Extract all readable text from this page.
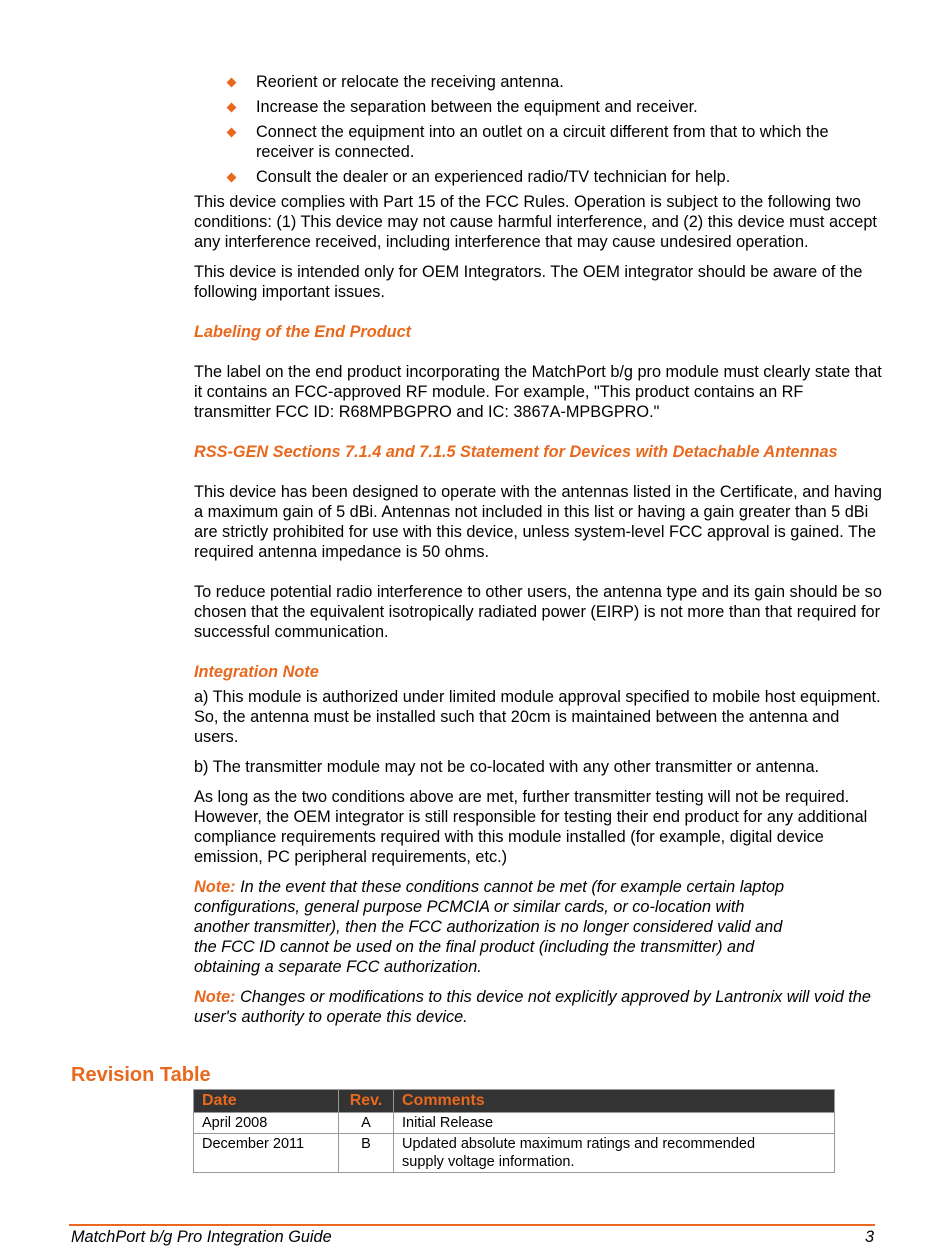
Reorient or relocate the receiving antenna.
Increase the separation between the equipment and receiver.
Connect the equipment into an outlet on a circuit different from that to which the receiver is connected.
Consult the dealer or an experienced radio/TV technician for help.

This device complies with Part 15 of the FCC Rules. Operation is subject to the following two conditions: (1) This device may not cause harmful interference, and (2) this device must accept any interference received, including interference that may cause undesired operation.

This device is intended only for OEM Integrators. The OEM integrator should be aware of the following important issues.

Labeling of the End Product

The label on the end product incorporating the MatchPort b/g pro module must clearly state that it contains an FCC-approved RF module. For example, "This product contains an RF transmitter FCC ID: R68MPBGPRO and IC: 3867A-MPBGPRO."

RSS-GEN Sections 7.1.4 and 7.1.5 Statement for Devices with Detachable Antennas

This device has been designed to operate with the antennas listed in the Certificate, and having a maximum gain of 5 dBi. Antennas not included in this list or having a gain greater than 5 dBi are strictly prohibited for use with this device, unless system-level FCC approval is gained. The required antenna impedance is 50 ohms.

To reduce potential radio interference to other users, the antenna type and its gain should be so chosen that the equivalent isotropically radiated power (EIRP) is not more than that required for successful communication.

Integration Note

a) This module is authorized under limited module approval specified to mobile host equipment. So, the antenna must be installed such that 20cm is maintained between the antenna and users.

b) The transmitter module may not be co-located with any other transmitter or antenna.

As long as the two conditions above are met, further transmitter testing will not be required. However, the OEM integrator is still responsible for testing their end product for any additional compliance requirements required with this module installed (for example, digital device emission, PC peripheral requirements, etc.)

Note: In the event that these conditions cannot be met (for example certain laptop configurations, general purpose PCMCIA or similar cards, or co-location with another transmitter), then the FCC authorization is no longer considered valid and the FCC ID cannot be used on the final product (including the transmitter) and obtaining a separate FCC authorization.

Note: Changes or modifications to this device not explicitly approved by Lantronix will void the user's authority to operate this device.

Revision Table
Date	Rev.	Comments
April 2008	A	Initial Release
December 2011	B	Updated absolute maximum ratings and recommended supply voltage information.
MatchPort b/g Pro Integration Guide	3
